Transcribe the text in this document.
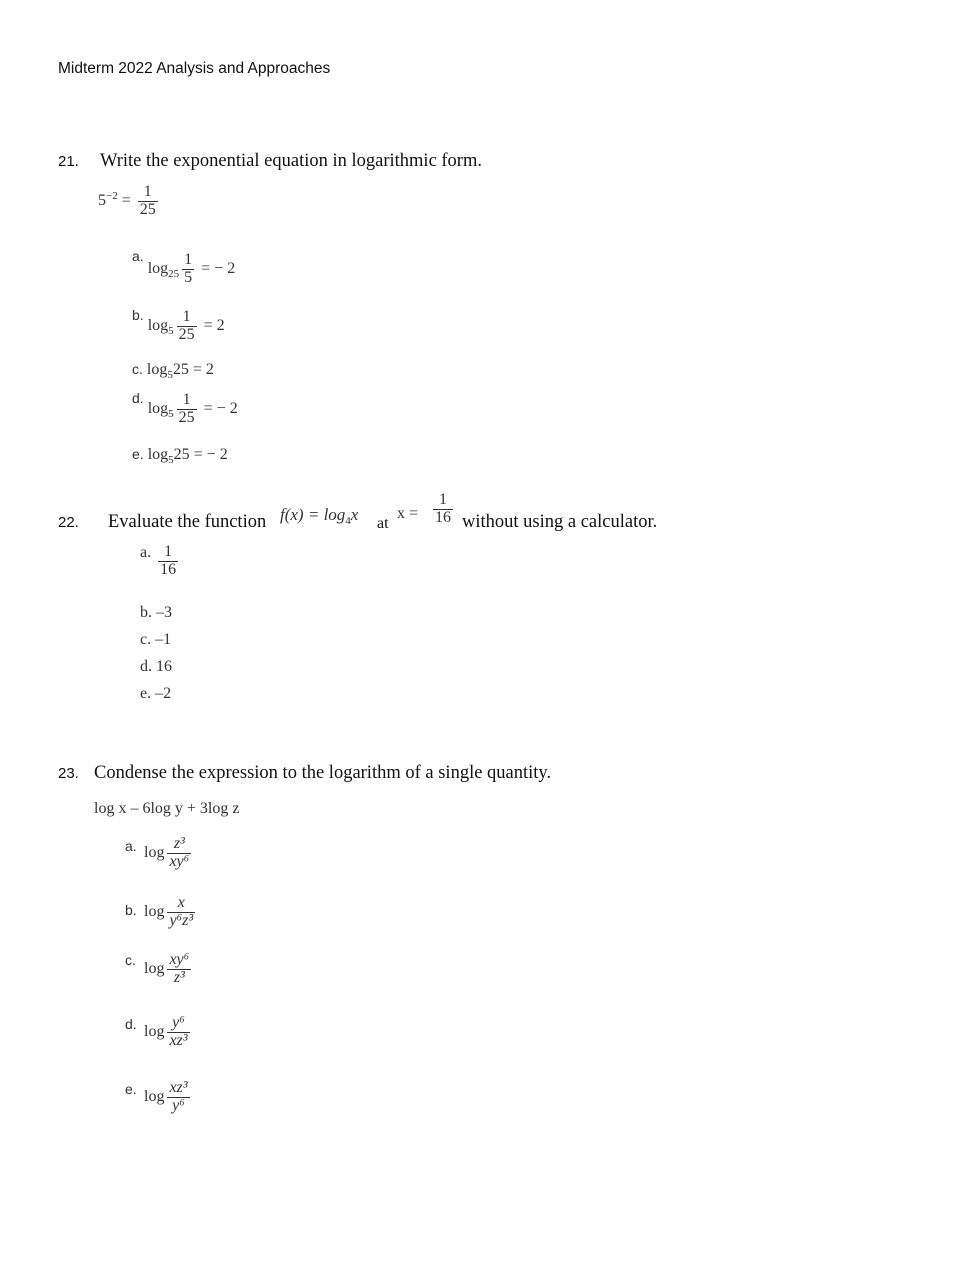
Midterm 2022 Analysis and Approaches
21. Write the exponential equation in logarithmic form.
$5^{-2} = \frac{1}{25}$
a. $\log_{25} \frac{1}{5}$ = − 2
b. $\log_5 \frac{1}{25} = 2$
c. $\log_525 = 2$
d. $\log_5 \frac{1}{25}$ = − 2
e. $\log_525$ = − 2
22. Evaluate the function $f(x) = \log_4x$ at
$x = \frac{1}{16}$ without using a calculator.
a. $\frac{1}{16}$
b. –3
c. –1
d. 16
e. –2
23. Condense the expression to the logarithm of a single quantity.
log x – 6log y + 3log z
a. $\log \frac{\text{z³}}{\text{xy⁶}}$
b. $\log \frac{x}{\text{y⁶z³}}$
c. $\log \frac{\text{xy⁶}}{\text{z³}}$
d. $\log \frac{\text{y⁶}}{\text{xz³}}$
e. $\log \frac{\text{xz³}}{\text{y⁶}}$
